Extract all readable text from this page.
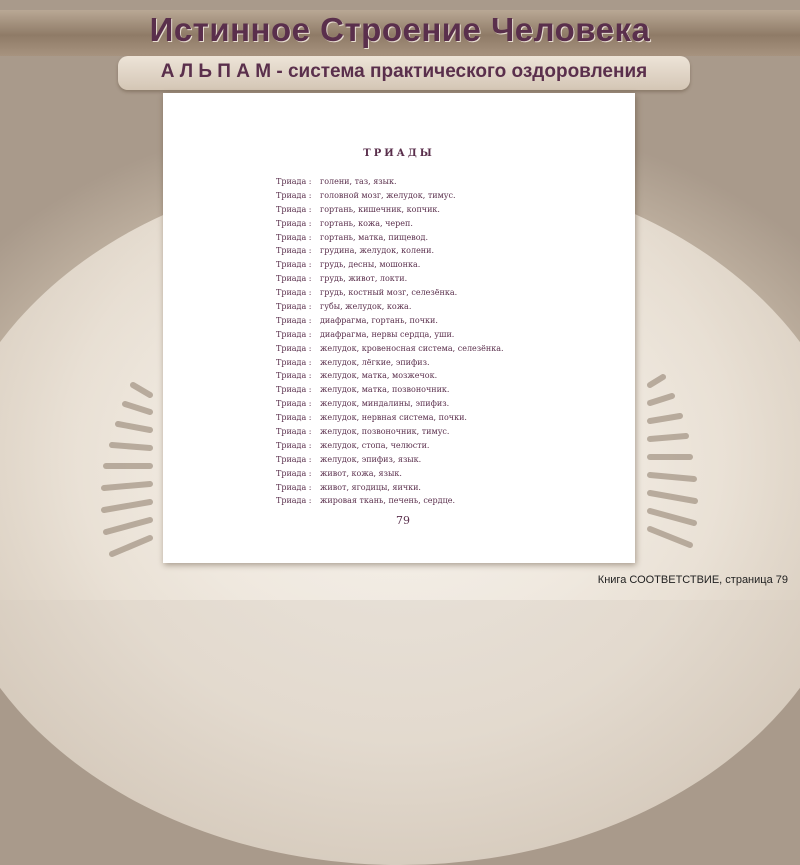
Истинное Строение Человека
А Л Ь П А М - система практического оздоровления
ТРИАДЫ
Триада : голени, таз, язык.
Триада : головной мозг, желудок, тимус.
Триада : гортань, кишечник, копчик.
Триада : гортань, кожа, череп.
Триада : гортань, матка, пищевод.
Триада : грудина, желудок, колени.
Триада : грудь, десны, мошонка.
Триада : грудь, живот, локти.
Триада : грудь, костный мозг, селезёнка.
Триада : губы, желудок, кожа.
Триада : диафрагма, гортань, почки.
Триада : диафрагма, нервы сердца, уши.
Триада : желудок, кровеносная система, селезёнка.
Триада : желудок, лёгкие, эпифиз.
Триада : желудок, матка, мозжечок.
Триада : желудок, матка, позвоночник.
Триада : желудок, миндалины, эпифиз.
Триада : желудок, нервная система, почки.
Триада : желудок, позвоночник, тимус.
Триада : желудок, стопа, челюсти.
Триада : желудок, эпифиз, язык.
Триада : живот, кожа, язык.
Триада : живот, ягодицы, яички.
Триада : жировая ткань, печень, сердце.
79
Книга СООТВЕТСТВИЕ, страница 79
